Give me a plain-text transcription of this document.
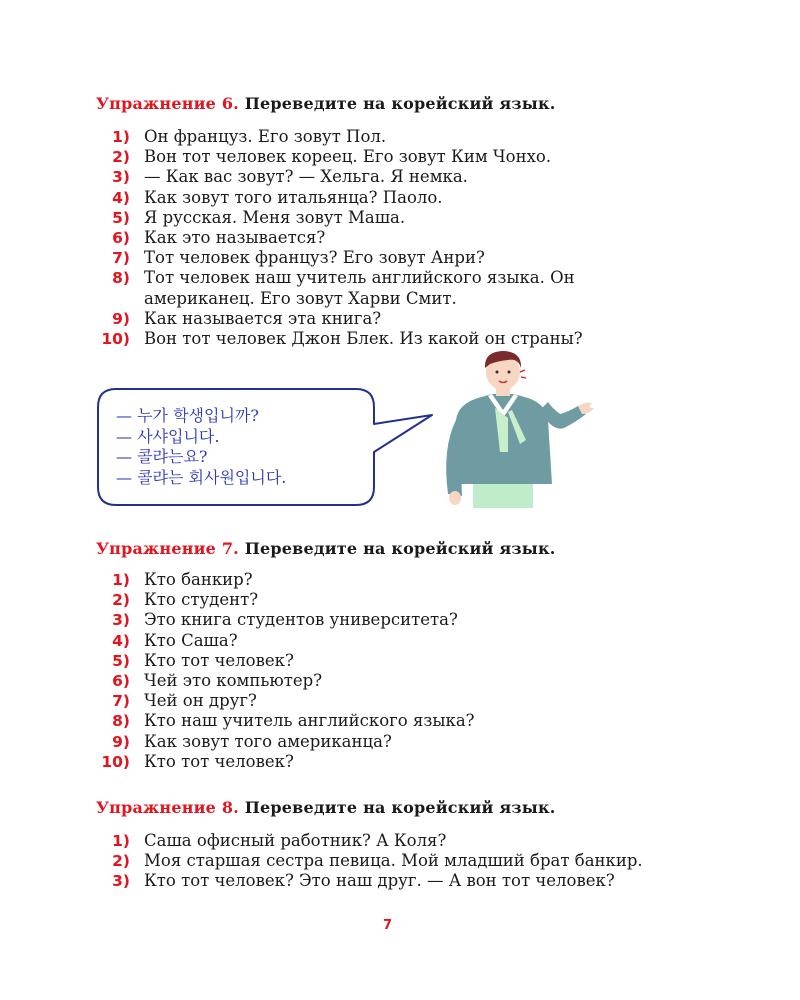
Упражнение 6. Переведите на корейский язык.
1) Он француз. Его зовут Пол.
2) Вон тот человек кореец. Его зовут Ким Чонхо.
3) — Как вас зовут? — Хельга. Я немка.
4) Как зовут того итальянца? Паоло.
5) Я русская. Меня зовут Маша.
6) Как это называется?
7) Тот человек француз? Его зовут Анри?
8) Тот человек наш учитель английского языка. Он американец. Его зовут Харви Смит.
9) Как называется эта книга?
10) Вон тот человек Джон Блек. Из какой он страны?
— 누가 학생입니까?
— 사샤입니다.
— 콜랴는요?
— 콜랴는 회사원입니다.
Упражнение 7. Переведите на корейский язык.
1) Кто банкир?
2) Кто студент?
3) Это книга студентов университета?
4) Кто Саша?
5) Кто тот человек?
6) Чей это компьютер?
7) Чей он друг?
8) Кто наш учитель английского языка?
9) Как зовут того американца?
10) Кто тот человек?
Упражнение 8. Переведите на корейский язык.
1) Саша офисный работник? А Коля?
2) Моя старшая сестра певица. Мой младший брат банкир.
3) Кто тот человек? Это наш друг. — А вон тот человек?
7
